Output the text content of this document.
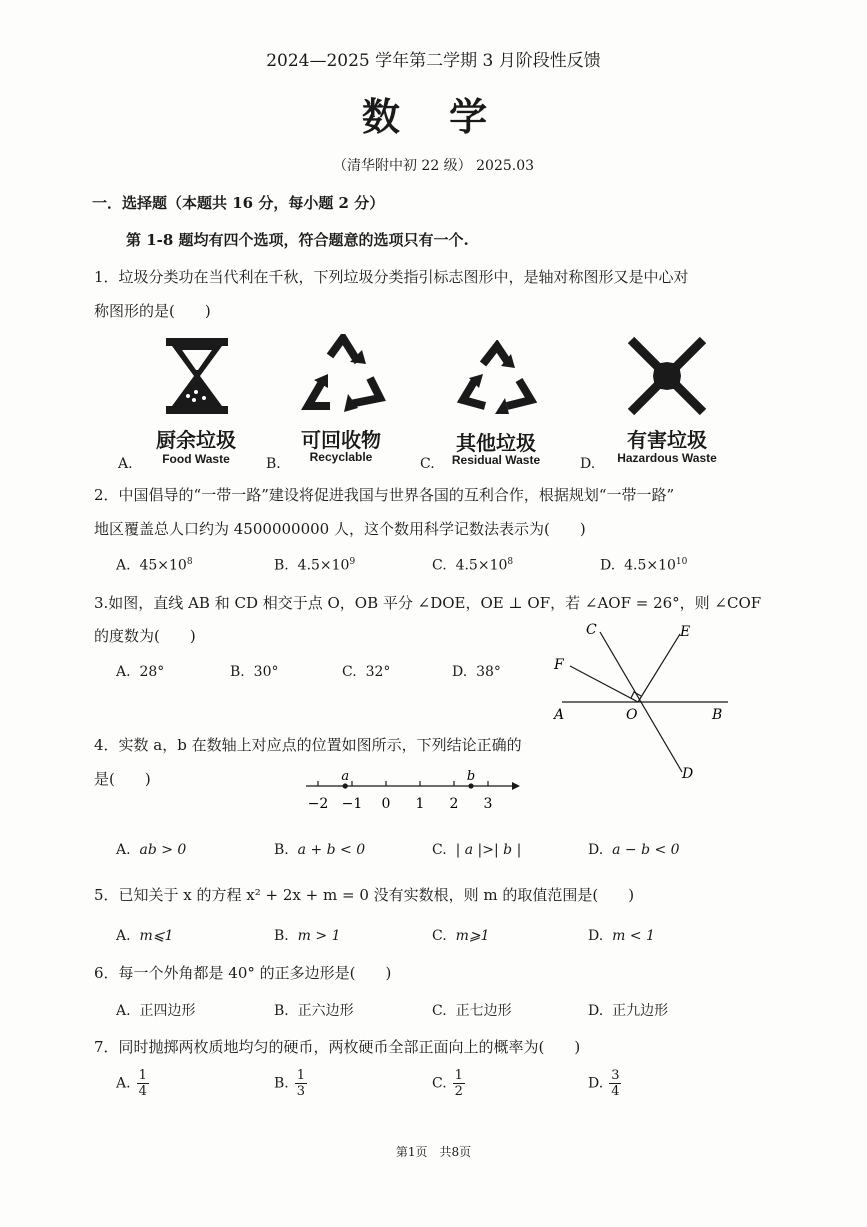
2024—2025 学年第二学期 3 月阶段性反馈
数 学
（清华附中初 22 级） 2025.03
一．选择题（本题共 16 分，每小题 2 分）
第 1-8 题均有四个选项，符合题意的选项只有一个.
1．垃圾分类功在当代利在千秋，下列垃圾分类指引标志图形中，是轴对称图形又是中心对
称图形的是(　　)
厨余垃圾
Food Waste
可回收物
Recyclable
其他垃圾
Residual Waste
有害垃圾
Hazardous Waste
A.	B.	C.	D.
2．中国倡导的“一带一路”建设将促进我国与世界各国的互利合作，根据规划“一带一路”
地区覆盖总人口约为 4500000000 人，这个数用科学记数法表示为(　　)
A. $45\times 10^8$	B. $4.5\times 10^9$	C. $4.5\times 10^8$	D. $4.5\times 10^{10}$
3.如图，直线 AB 和 CD 相交于点 O，OB 平分 ∠DOE，OE ⊥ OF，若 ∠AOF = 26°，则 ∠COF
的度数为(　　)
A. 28°	B. 30°	C. 32°	D. 38°
C	E
F
A	O	B
D
4．实数 a，b 在数轴上对应点的位置如图所示，下列结论正确的
是(　　)
−2 −1 0 1 2 3
a	b
A. ab > 0	B. a + b < 0	C. | a |>| b |	D. a − b < 0
5．已知关于 x 的方程 x² + 2x + m = 0 没有实数根，则 m 的取值范围是(　　)
A. m⩽1	B. m > 1	C. m⩾1	D. m < 1
6．每一个外角都是 40° 的正多边形是(　　)
A. 正四边形	B. 正六边形	C. 正七边形	D. 正九边形
7．同时抛掷两枚质地均匀的硬币，两枚硬币全部正面向上的概率为(　　)
A. $\frac{1}{4}$	B. $\frac{1}{3}$	C. $\frac{1}{2}$	D. $\frac{3}{4}$
第1页　共8页
